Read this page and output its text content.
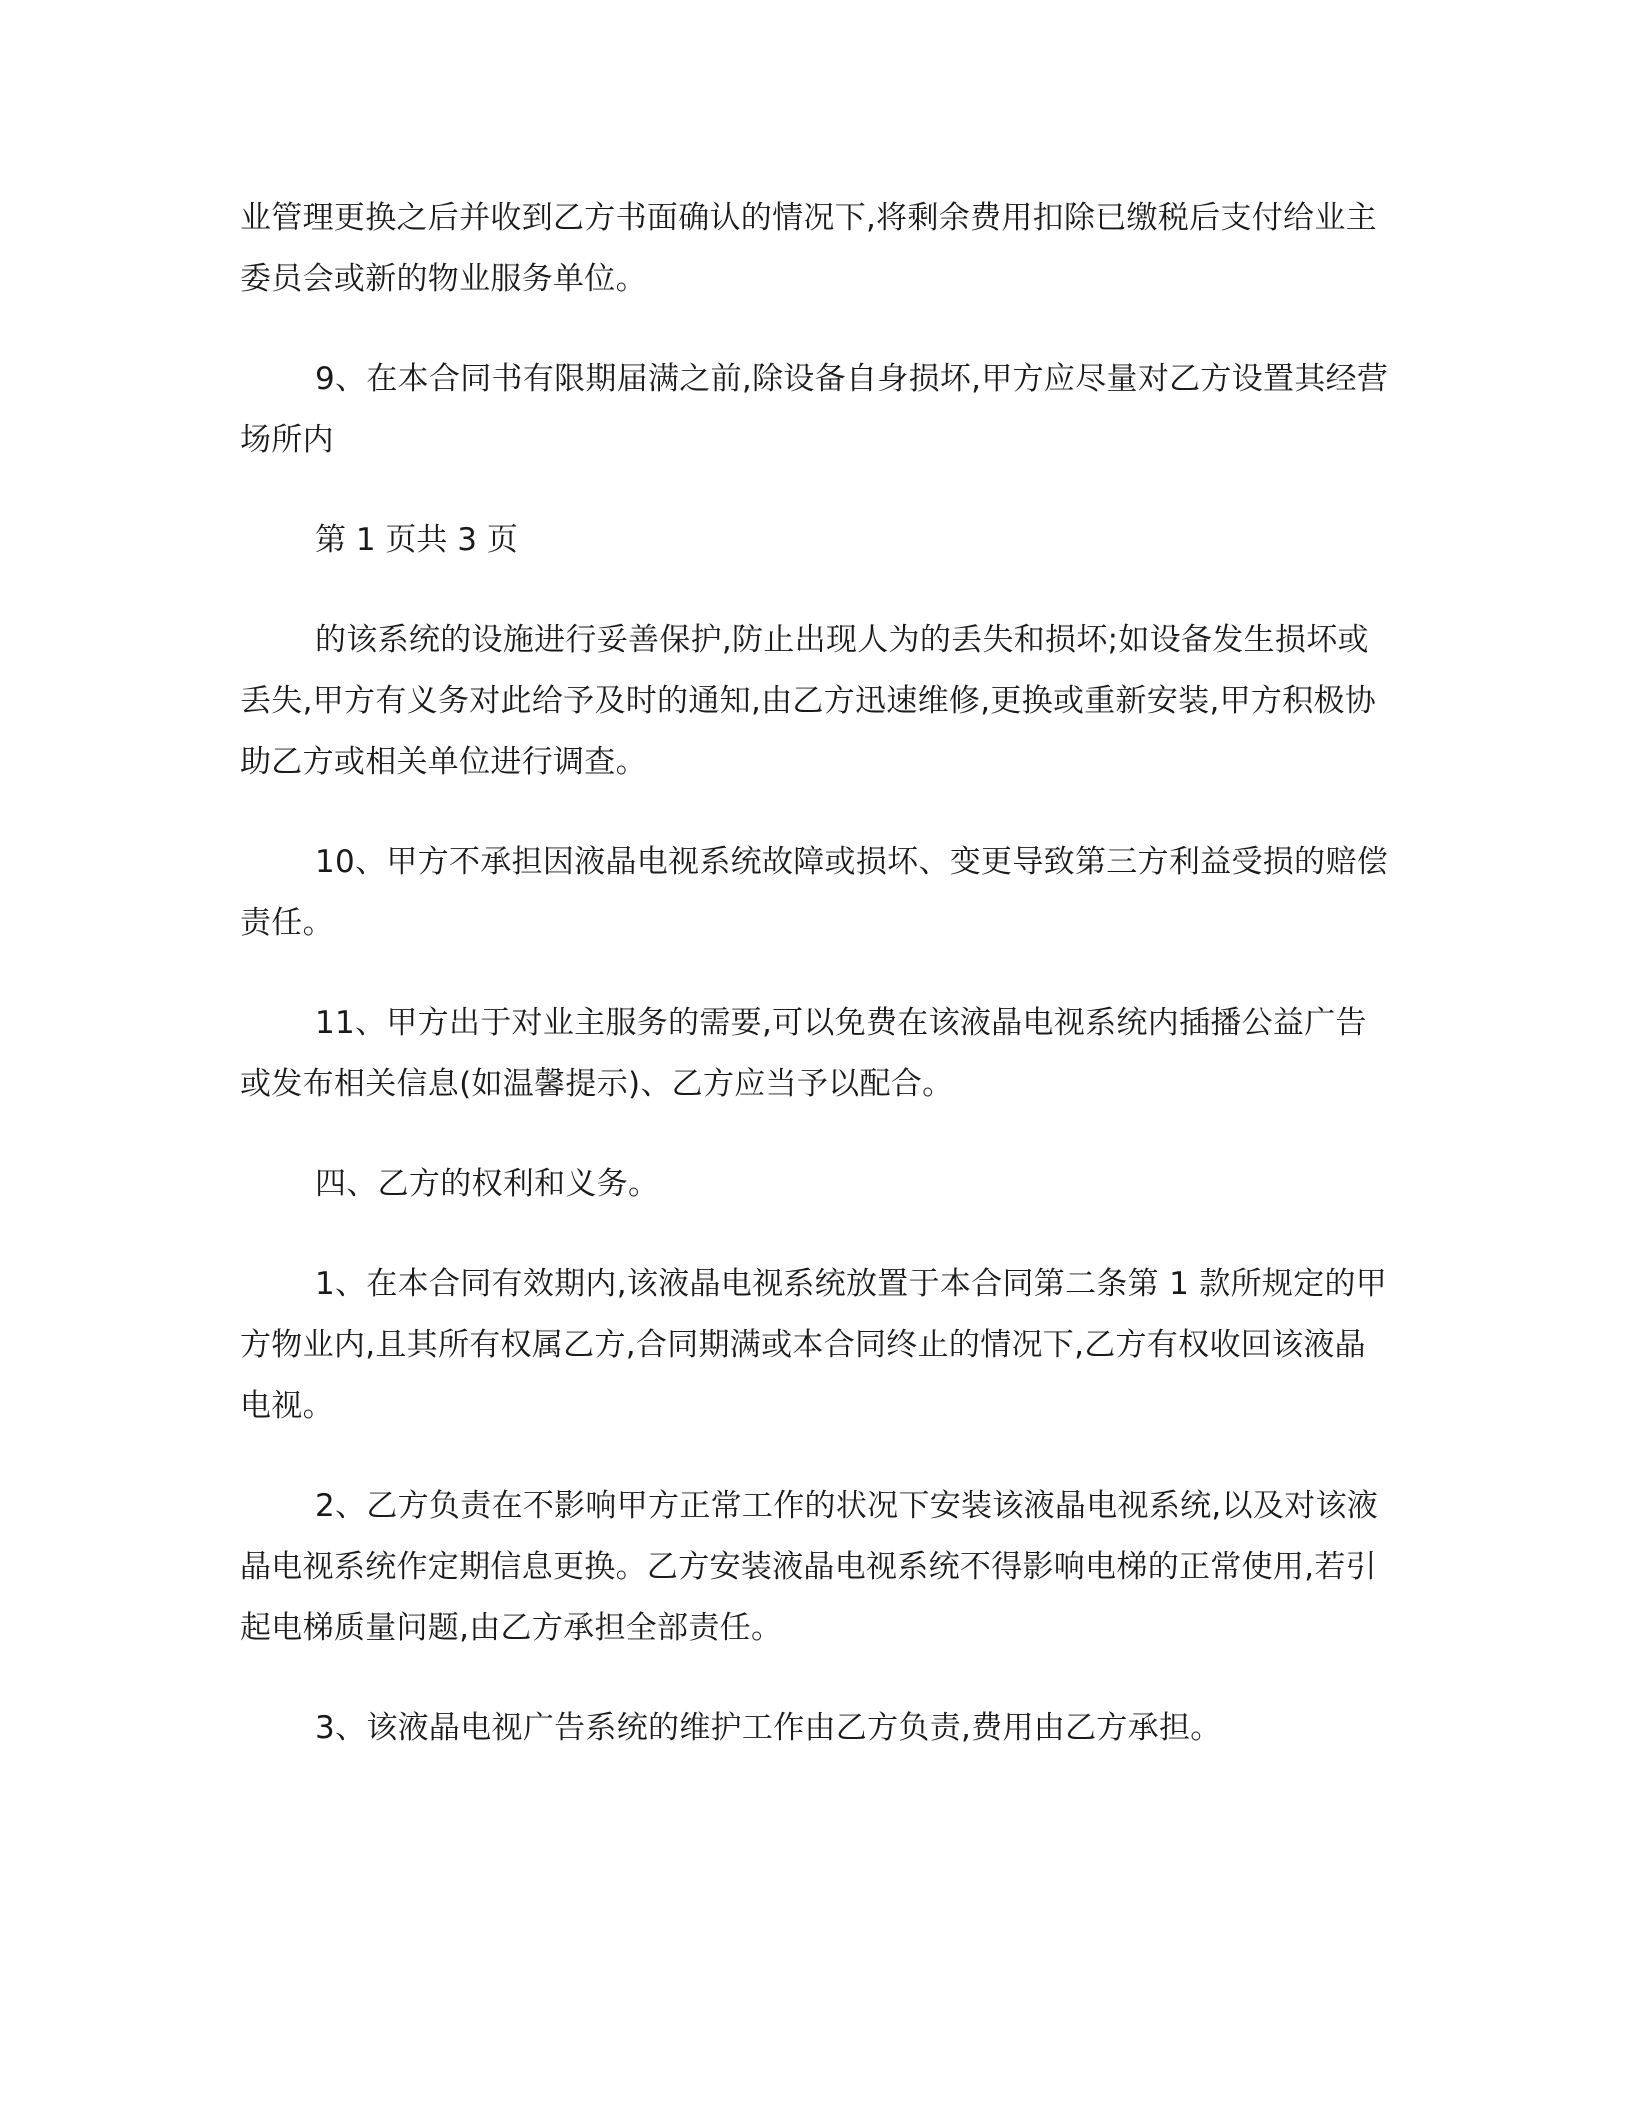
业管理更换之后并收到乙方书面确认的情况下,将剩余费用扣除已缴税后支付给业主委员会或新的物业服务单位。

9、在本合同书有限期届满之前,除设备自身损坏,甲方应尽量对乙方设置其经营场所内

第 1 页共 3 页

的该系统的设施进行妥善保护,防止出现人为的丢失和损坏;如设备发生损坏或丢失,甲方有义务对此给予及时的通知,由乙方迅速维修,更换或重新安装,甲方积极协助乙方或相关单位进行调查。

10、甲方不承担因液晶电视系统故障或损坏、变更导致第三方利益受损的赔偿责任。

11、甲方出于对业主服务的需要,可以免费在该液晶电视系统内插播公益广告或发布相关信息(如温馨提示)、乙方应当予以配合。

四、乙方的权利和义务。

1、在本合同有效期内,该液晶电视系统放置于本合同第二条第 1 款所规定的甲方物业内,且其所有权属乙方,合同期满或本合同终止的情况下,乙方有权收回该液晶电视。

2、乙方负责在不影响甲方正常工作的状况下安装该液晶电视系统,以及对该液晶电视系统作定期信息更换。乙方安装液晶电视系统不得影响电梯的正常使用,若引起电梯质量问题,由乙方承担全部责任。

3、该液晶电视广告系统的维护工作由乙方负责,费用由乙方承担。
